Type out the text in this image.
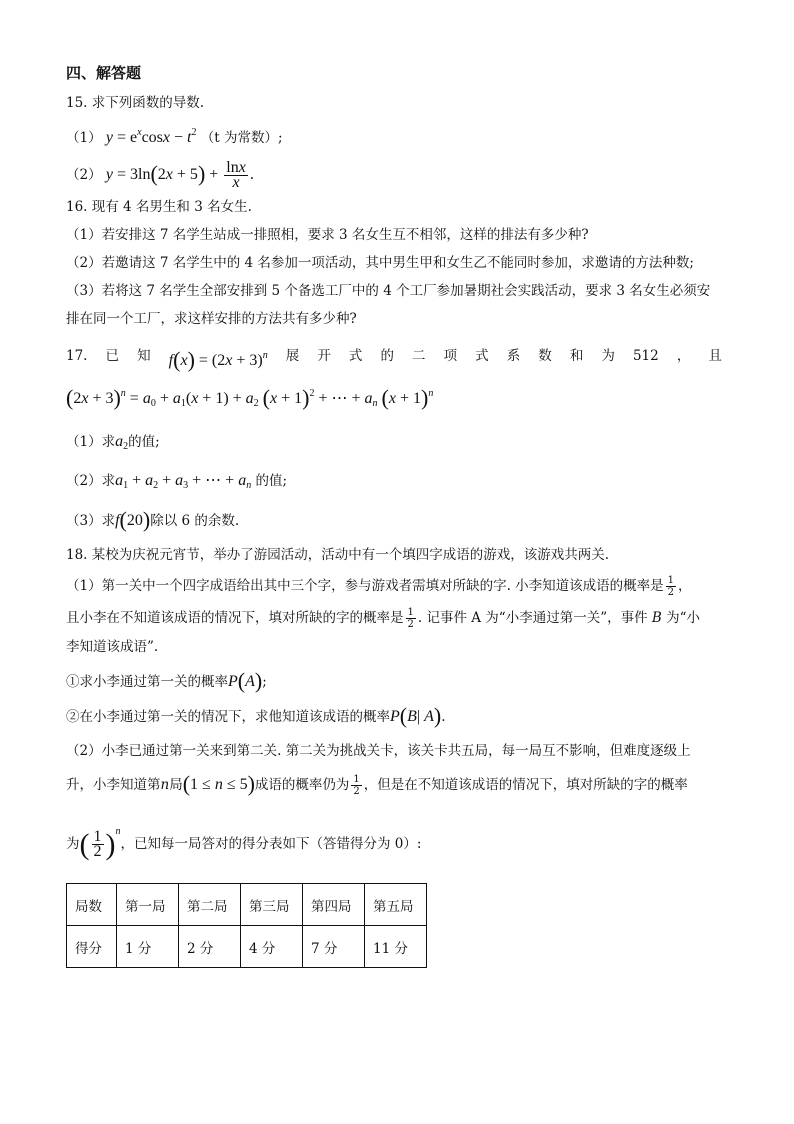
四、解答题

15. 求下列函数的导数.

（1） $y = e^x\cos x - t^2$ （t 为常数）;

（2） $y = 3\ln(2x + 5) + \frac{\ln x}{x}$ .

16. 现有 4 名男生和 3 名女生.

（1）若安排这 7 名学生站成一排照相，要求 3 名女生互不相邻，这样的排法有多少种?

（2）若邀请这 7 名学生中的 4 名参加一项活动，其中男生甲和女生乙不能同时参加，求邀请的方法种数;

（3）若将这 7 名学生全部安排到 5 个备选工厂中的 4 个工厂参加暑期社会实践活动，要求 3 名女生必须安

排在同一个工厂，求这样安排的方法共有多少种?

17. 已 知 $f(x) = (2x + 3)^n$ 展 开 式 的 二 项 式 系 数 和 为 512 ， 且

$(2x + 3)^n = a_0 + a_1(x + 1) + a_2$ $(x + 1)^2$ + ⋯ + $a_n$ $(x + 1)^n$

（1）求$a_2$的值;

（2）求$a_1 + a_2 + a_3$ + ⋯ + $a_n$ 的值;

（3）求f(20)除以 6 的余数.

18. 某校为庆祝元宵节，举办了游园活动，活动中有一个填四字成语的游戏，该游戏共两关.

（1）第一关中一个四字成语给出其中三个字，参与游戏者需填对所缺的字. 小李知道该成语的概率是 $\frac{1}{2}$ ，

且小李在不知道该成语的情况下，填对所缺的字的概率是 $\frac{1}{2}$ . 记事件 A 为“小李通过第一关”，事件 B 为“小

李知道该成语”.

①求小李通过第一关的概率P(A);

②在小李通过第一关的情况下，求他知道该成语的概率P(B| A).

（2）小李已通过第一关来到第二关. 第二关为挑战关卡，该关卡共五局，每一局互不影响，但难度逐级上

升，小李知道第n局(1 ≤ n ≤ 5)成语的概率仍为 $\frac{1}{2}$ ，但是在不知道该成语的情况下，填对所缺的字的概率

为( $\frac{1}{2} )^n$，已知每一局答对的得分表如下（答错得分为 0）:

局数	第一局	第二局	第三局	第四局	第五局
得分	1 分	2 分	4 分	7 分	11 分
